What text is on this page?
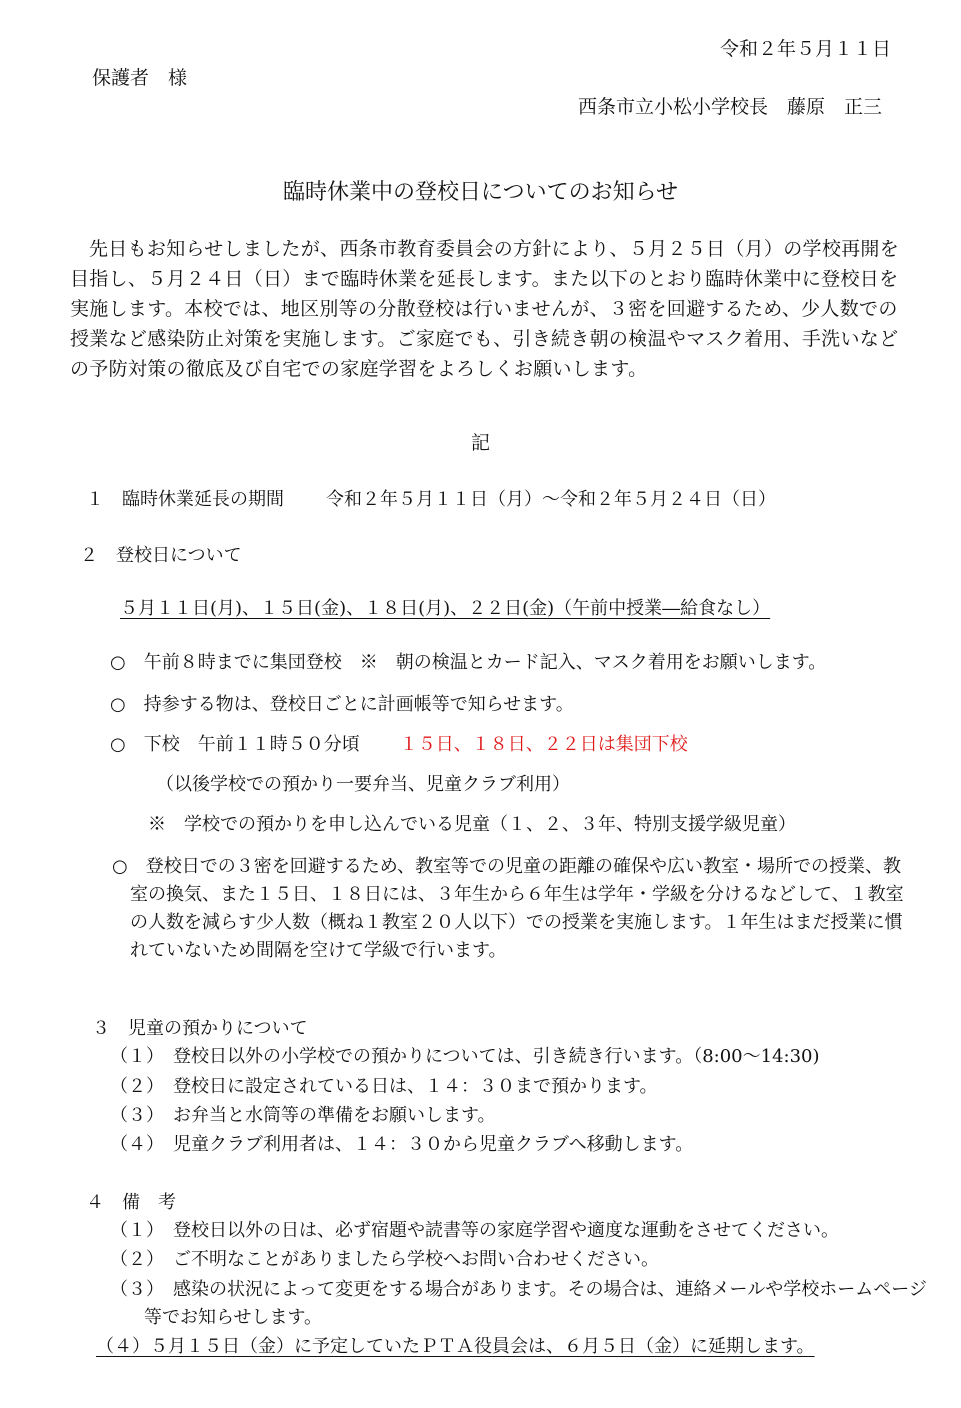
令和２年５月１１日
保護者　様
西条市立小松小学校長　藤原　正三
臨時休業中の登校日についてのお知らせ
先日もお知らせしましたが、西条市教育委員会の方針により、５月２５日（月）の学校再開を目指し、５月２４日（日）まで臨時休業を延長します。また以下のとおり臨時休業中に登校日を実施します。本校では、地区別等の分散登校は行いませんが、３密を回避するため、少人数での授業など感染防止対策を実施します。ご家庭でも、引き続き朝の検温やマスク着用、手洗いなどの予防対策の徹底及び自宅での家庭学習をよろしくお願いします。
記
１　臨時休業延長の期間 令和２年５月１１日（月）～令和２年５月２４日（日）
２　登校日について
５月１１日(月)、１５日(金)、１８日(月)、２２日(金)（午前中授業―給食なし）
○　午前８時までに集団登校　※　朝の検温とカード記入、マスク着用をお願いします。
○　持参する物は、登校日ごとに計画帳等で知らせます。
○　下校　午前１１時５０分頃 １５日、１８日、２２日は集団下校
（以後学校での預かり一要弁当、児童クラブ利用）
※　学校での預かりを申し込んでいる児童（１、２、３年、特別支援学級児童）
○　登校日での３密を回避するため、教室等での児童の距離の確保や広い教室・場所での授業、教室の換気、また１５日、１８日には、３年生から６年生は学年・学級を分けるなどして、１教室の人数を減らす少人数（概ね１教室２０人以下）での授業を実施します。１年生はまだ授業に慣れていないため間隔を空けて学級で行います。
３　児童の預かりについて
（１）　登校日以外の小学校での預かりについては、引き続き行います。（8:00～14:30)
（２）　登校日に設定されている日は、１４：３０まで預かります。
（３）　お弁当と水筒等の準備をお願いします。
（４）　児童クラブ利用者は、１４：３０から児童クラブへ移動します。
４　備　考
（１）　登校日以外の日は、必ず宿題や読書等の家庭学習や適度な運動をさせてください。
（２）　ご不明なことがありましたら学校へお問い合わせください。
（３）　感染の状況によって変更をする場合があります。その場合は、連絡メールや学校ホームページ等でお知らせします。
（４）５月１５日（金）に予定していたＰＴＡ役員会は、６月５日（金）に延期します。
